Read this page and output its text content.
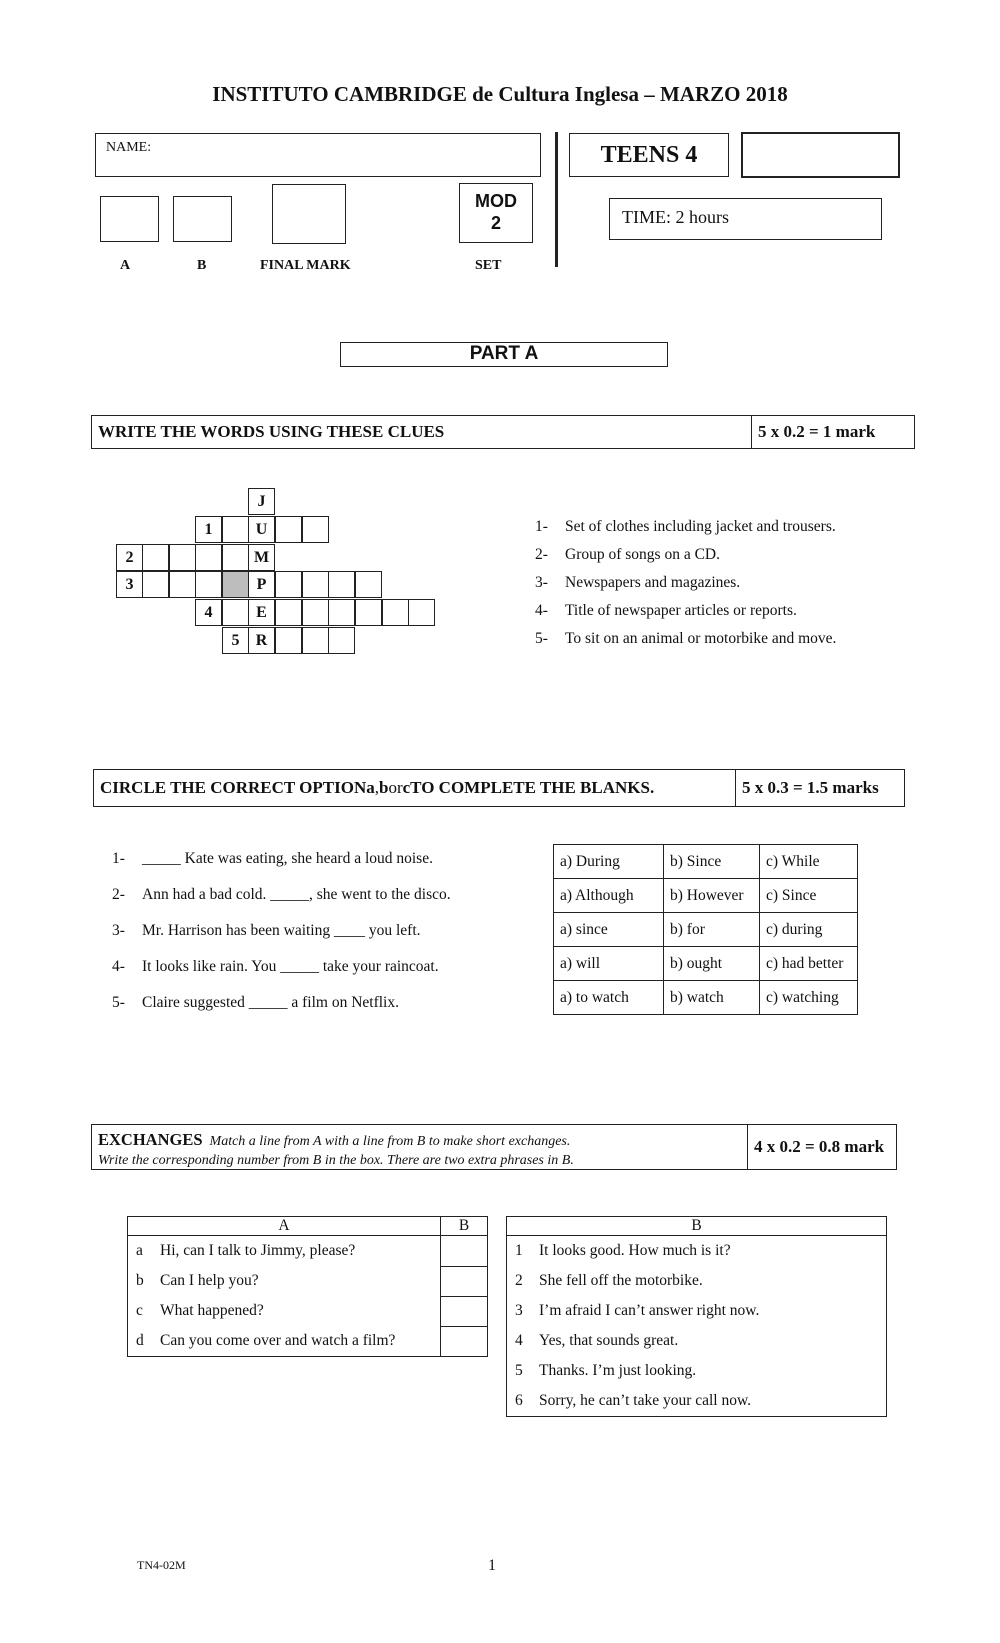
INSTITUTO CAMBRIDGE de Cultura Inglesa – MARZO 2018
NAME:	TEENS 4
MOD
2	TIME: 2 hours
A	B	FINAL MARK	SET
PART A
WRITE THE WORDS USING THESE CLUES	5 x 0.2 = 1 mark
J
1	U
2	M
3	P
4	E
5	R
1- Set of clothes including jacket and trousers.
2- Group of songs on a CD.
3- Newspapers and magazines.
4- Title of newspaper articles or reports.
5- To sit on an animal or motorbike and move.
CIRCLE THE CORRECT OPTION a , b or c TO COMPLETE THE BLANKS.	5 x 0.3 = 1.5 marks
1- _____ Kate was eating, she heard a loud noise.
2- Ann had a bad cold. _____, she went to the disco.
3- Mr. Harrison has been waiting ____ you left.
4- It looks like rain. You _____ take your raincoat.
5- Claire suggested _____ a film on Netflix.
a) During	b) Since	c) While
a) Although	b) However	c) Since
a) since	b) for	c) during
a) will	b) ought	c) had better
a) to watch	b) watch	c) watching
EXCHANGES Match a line from A with a line from B to make short exchanges.
Write the corresponding number from B in the box. There are two extra phrases in B.
4 x 0.2 = 0.8 mark
A	B
a Hi, can I talk to Jimmy, please?	
b Can I help you?	
c What happened?	
d Can you come over and watch a film?	
B
1 It looks good. How much is it?
2 She fell off the motorbike.
3 I’m afraid I can’t answer right now.
4 Yes, that sounds great.
5 Thanks. I’m just looking.
6 Sorry, he can’t take your call now.
TN4-02M	1
